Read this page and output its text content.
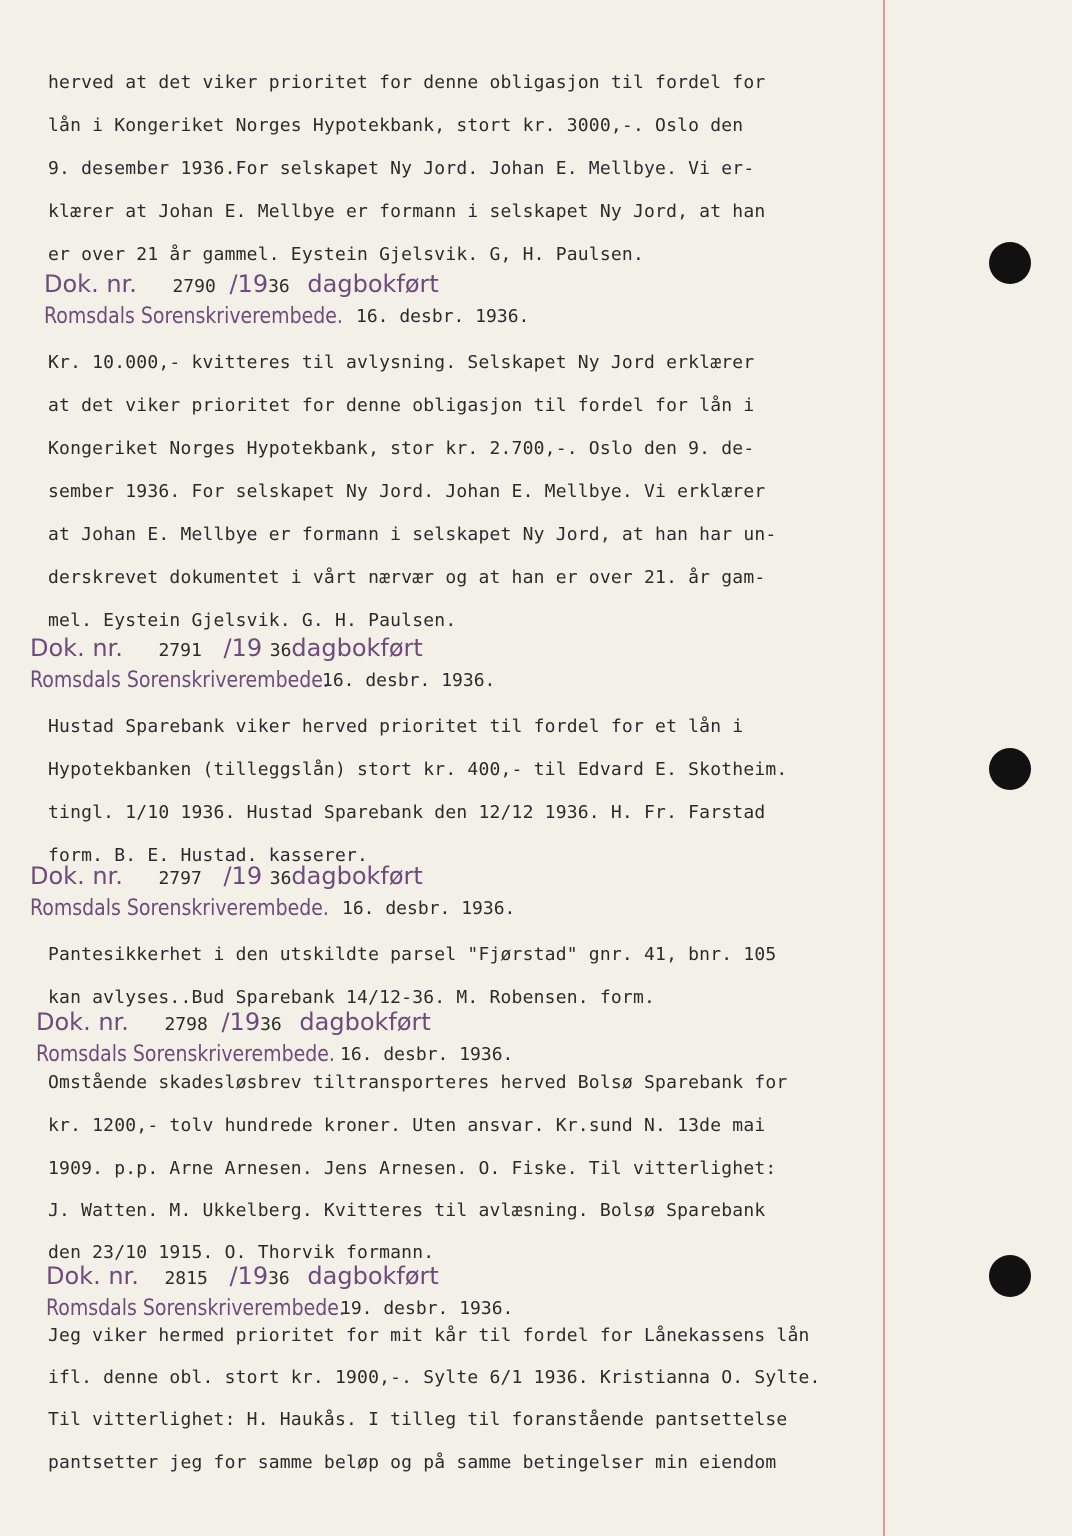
herved at det viker prioritet for denne obligasjon til fordel for
lån i Kongeriket Norges Hypotekbank, stort kr. 3000,-. Oslo den
9. desember 1936.For selskapet Ny Jord. Johan E. Mellbye. Vi er-
klærer at Johan E. Mellbye er formann i selskapet Ny Jord, at han
er over 21 år gammel. Eystein Gjelsvik. G, H. Paulsen.
Dok. nr. 2790 /1936 dagbokført
Romsdals Sorenskriverembede. 16. desbr. 1936.
Kr. 10.000,- kvitteres til avlysning. Selskapet Ny Jord erklærer
at det viker prioritet for denne obligasjon til fordel for lån i
Kongeriket Norges Hypotekbank, stor kr. 2.700,-. Oslo den 9. de-
sember 1936. For selskapet Ny Jord. Johan E. Mellbye. Vi erklærer
at Johan E. Mellbye er formann i selskapet Ny Jord, at han har un-
derskrevet dokumentet i vårt nærvær og at han er over 21. år gam-
mel. Eystein Gjelsvik. G. H. Paulsen.
Dok. nr. 2791 /19 36dagbokført
Romsdals Sorenskriverembede.
16. desbr. 1936.
Hustad Sparebank viker herved prioritet til fordel for et lån i
Hypotekbanken (tilleggslån) stort kr. 400,- til Edvard E. Skotheim.
tingl. 1/10 1936. Hustad Sparebank den 12/12 1936. H. Fr. Farstad
form. B. E. Hustad. kasserer.
Dok. nr. 2797 /19 36dagbokført
Romsdals Sorenskriverembede. 16. desbr. 1936.
Pantesikkerhet i den utskildte parsel "Fjørstad" gnr. 41, bnr. 105
kan avlyses..Bud Sparebank 14/12-36. M. Robensen. form.
Dok. nr. 2798 /1936 dagbokført
Romsdals Sorenskriverembede. 16. desbr. 1936.
Omstående skadesløsbrev tiltransporteres herved Bolsø Sparebank for
kr. 1200,- tolv hundrede kroner. Uten ansvar. Kr.sund N. 13de mai
1909. p.p. Arne Arnesen. Jens Arnesen. O. Fiske. Til vitterlighet:
J. Watten. M. Ukkelberg. Kvitteres til avlæsning. Bolsø Sparebank
den 23/10 1915. O. Thorvik formann.
Dok. nr. 2815 /1936 dagbokført
Romsdals Sorenskriverembede.
19. desbr. 1936.
Jeg viker hermed prioritet for mit kår til fordel for Lånekassens lån
ifl. denne obl. stort kr. 1900,-. Sylte 6/1 1936. Kristianna O. Sylte.
Til vitterlighet: H. Haukås. I tilleg til foranstående pantsettelse
pantsetter jeg for samme beløp og på samme betingelser min eiendom
